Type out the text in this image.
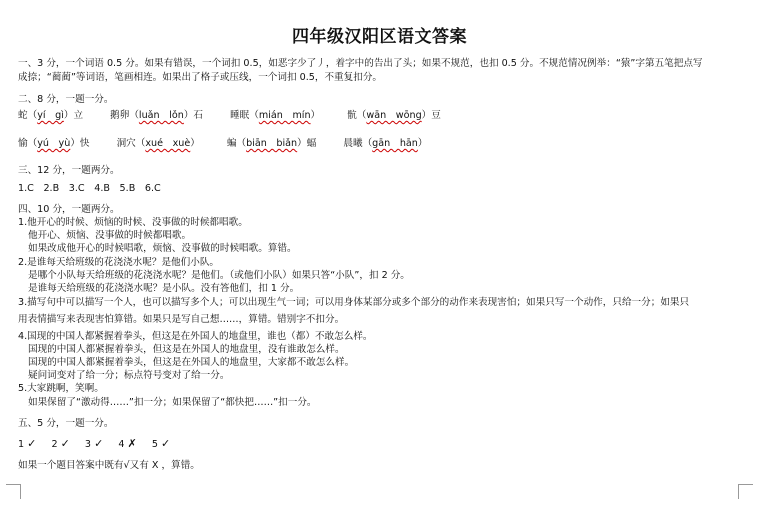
四年级汉阳区语文答案
一、3 分，一个词语 0.5 分。如果有错误，一个词扣 0.5，如恶字少了丿，着字中的告出了头；如果不规范，也扣 0.5 分。不规范情况例举：“猿”字第五笔把点写
成捺；“蔺蔺”等词语，笔画相连。如果出了格子或压线，一个词扣 0.5，不重复扣分。
二、8 分，一题一分。
蛇（yí　gì）立	鹅卵（luǎn　lǒn）石	睡眠（mián　mín）	骯（wān　wōng）豆
愉（yú　yù）快	洞穴（xué　xuè）	蝙（biān　biǎn）蝠	晨曦（gān　hān）
三、12 分，一题两分。
1.C　2.B　3.C　4.B　5.B　6.C
四、10 分，一题两分。
1.他开心的时候、烦恼的时候、没事做的时候都唱歌。
他开心、烦恼、没事做的时候都唱歌。
如果改成他开心的时候唱歌，烦恼、没事做的时候唱歌。算错。
2.是谁每天给班级的花浇浇水呢？是他们小队。
是哪个小队每天给班级的花浇浇水呢？是他们。（或他们小队）如果只答“小队”，扣 2 分。
是谁每天给班级的花浇浇水呢？是小队。没有答他们，扣 1 分。
3.描写句中可以描写一个人，也可以描写多个人；可以出现生气一词；可以用身体某部分或多个部分的动作来表现害怕；如果只写一个动作，只给一分；如果只
用表情描写来表现害怕算错。如果只是写自己想……，算错。错别字不扣分。
4.国现的中国人都紧握着拳头，但这是在外国人的地盘里，谁也（都）不敢怎么样。
国现的中国人都紧握着拳头，但这是在外国人的地盘里，没有谁敢怎么样。
国现的中国人都紧握着拳头，但这是在外国人的地盘里，大家都不敢怎么样。
疑问词变对了给一分；标点符号变对了给一分。
5.大家跳啊，笑啊。
如果保留了“激动得……”扣一分；如果保留了“都快把……”扣一分。
五、5 分，一题一分。
1 ✓ 2 ✓ 3 ✓ 4 ✗ 5 ✓
如果一个题目答案中既有√又有 X ，算错。
